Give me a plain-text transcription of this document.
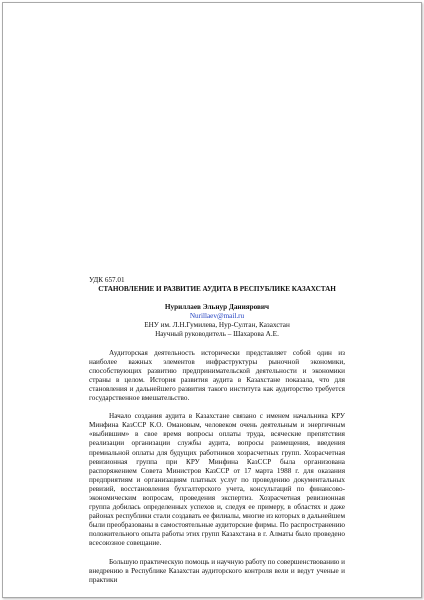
УДК 657.01

СТАНОВЛЕНИЕ И РАЗВИТИЕ АУДИТА В РЕСПУБЛИКЕ КАЗАХСТАН

Нуриллаев Эльнур Даниярович

Nurillaev@mail.ru

ЕНУ им. Л.Н.Гумилева, Нур-Султан, Казахстан

Научный руководитель – Шахарова А.Е.

Аудиторская деятельность исторически представляет собой один из наиболее важных элементов инфраструктуры рыночной экономики, способствующих развитию предпринимательской деятельности и экономики страны в целом. История развития аудита в Казахстане показала, что для становления и дальнейшего развития такого института как аудиторство требуется государственное вмешательство.

Начало создания аудита в Казахстане связано с именем начальника КРУ Минфина КазССР К.О. Омановым, человеком очень деятельным и энергичным «выбившим» в свое время вопросы оплаты труда, всяческие препятствия реализации организации службы аудита, вопросы размещения, введения премиальной оплаты для будущих работников хозрасчетных групп. Хозрасчетная ревизионная группа при КРУ Минфина КазССР была организована распоряжением Совета Министров КазССР от 17 марта 1988 г. для оказания предприятиям и организациям платных услуг по проведению документальных ревизий, восстановления бухгалтерского учета, консультаций по финансово-экономическим вопросам, проведения экспертиз. Хозрасчетная ревизионная группа добилась определенных успехов и, следуя ее примеру, в областях и даже районах республики стали создавать ее филиалы, многие из которых в дальнейшем были преобразованы в самостоятельные аудиторские фирмы. По распространению положительного опыта работы этих групп Казахстана в г. Алматы было проведено всесоюзное совещание.

Большую практическую помощь и научную работу по совершенствованию и внедрению в Республике Казахстан аудиторского контроля вели и ведут ученые и практики
